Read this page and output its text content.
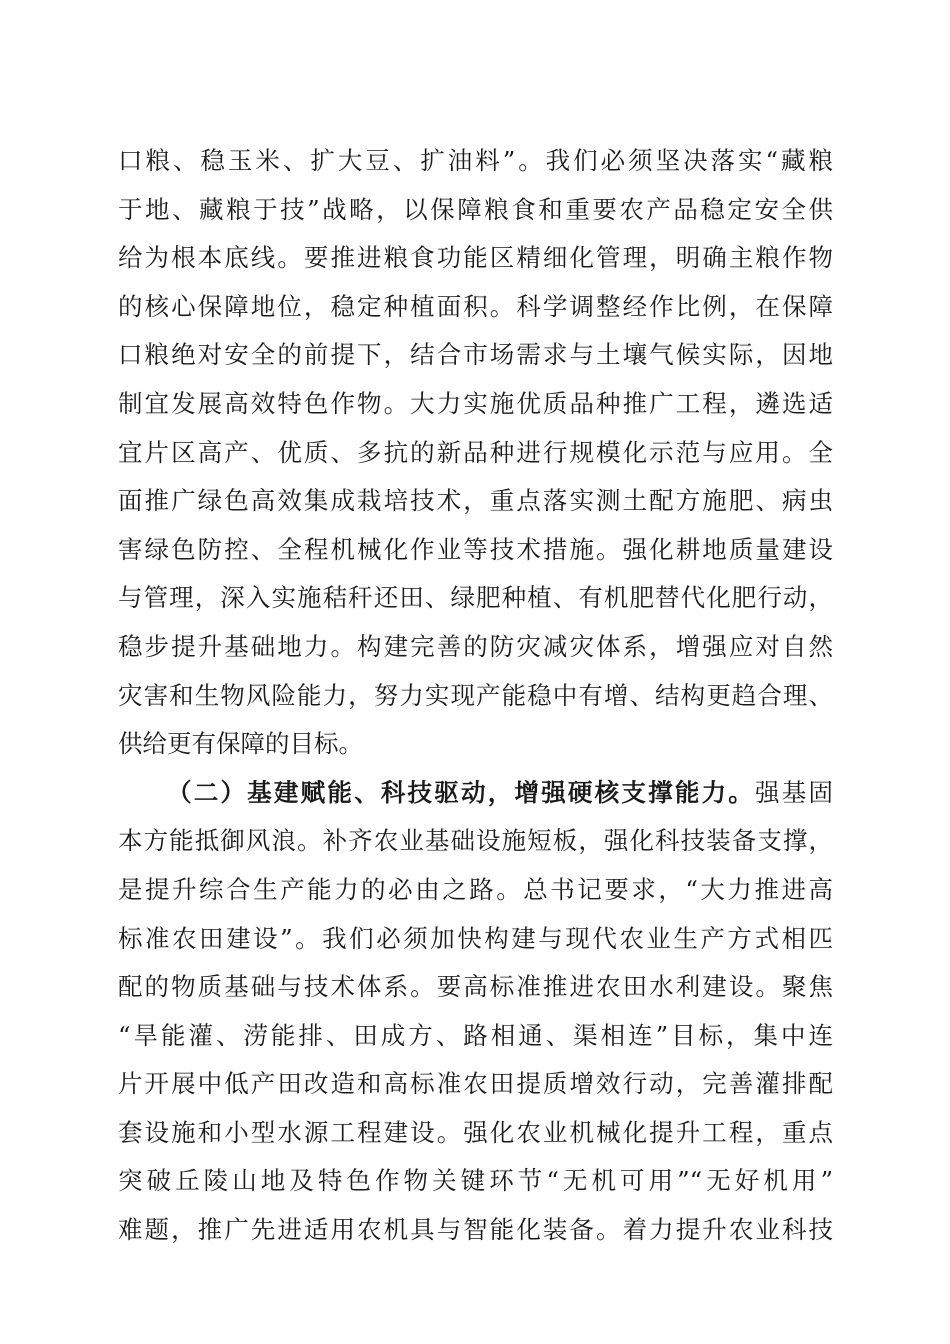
口粮、稳玉米、扩大豆、扩油料”。我们必须坚决落实“藏粮
于地、藏粮于技”战略，以保障粮食和重要农产品稳定安全供
给为根本底线。要推进粮食功能区精细化管理，明确主粮作物
的核心保障地位，稳定种植面积。科学调整经作比例，在保障
口粮绝对安全的前提下，结合市场需求与土壤气候实际，因地
制宜发展高效特色作物。大力实施优质品种推广工程，遴选适
宜片区高产、优质、多抗的新品种进行规模化示范与应用。全
面推广绿色高效集成栽培技术，重点落实测土配方施肥、病虫
害绿色防控、全程机械化作业等技术措施。强化耕地质量建设
与管理，深入实施秸秆还田、绿肥种植、有机肥替代化肥行动，
稳步提升基础地力。构建完善的防灾减灾体系，增强应对自然
灾害和生物风险能力，努力实现产能稳中有增、结构更趋合理、
供给更有保障的目标。
（二）基建赋能、科技驱动，增强硬核支撑能力。强基固
本方能抵御风浪。补齐农业基础设施短板，强化科技装备支撑，
是提升综合生产能力的必由之路。总书记要求，“大力推进高
标准农田建设”。我们必须加快构建与现代农业生产方式相匹
配的物质基础与技术体系。要高标准推进农田水利建设。聚焦
“旱能灌、涝能排、田成方、路相通、渠相连”目标，集中连
片开展中低产田改造和高标准农田提质增效行动，完善灌排配
套设施和小型水源工程建设。强化农业机械化提升工程，重点
突破丘陵山地及特色作物关键环节“无机可用”“无好机用”
难题，推广先进适用农机具与智能化装备。着力提升农业科技
